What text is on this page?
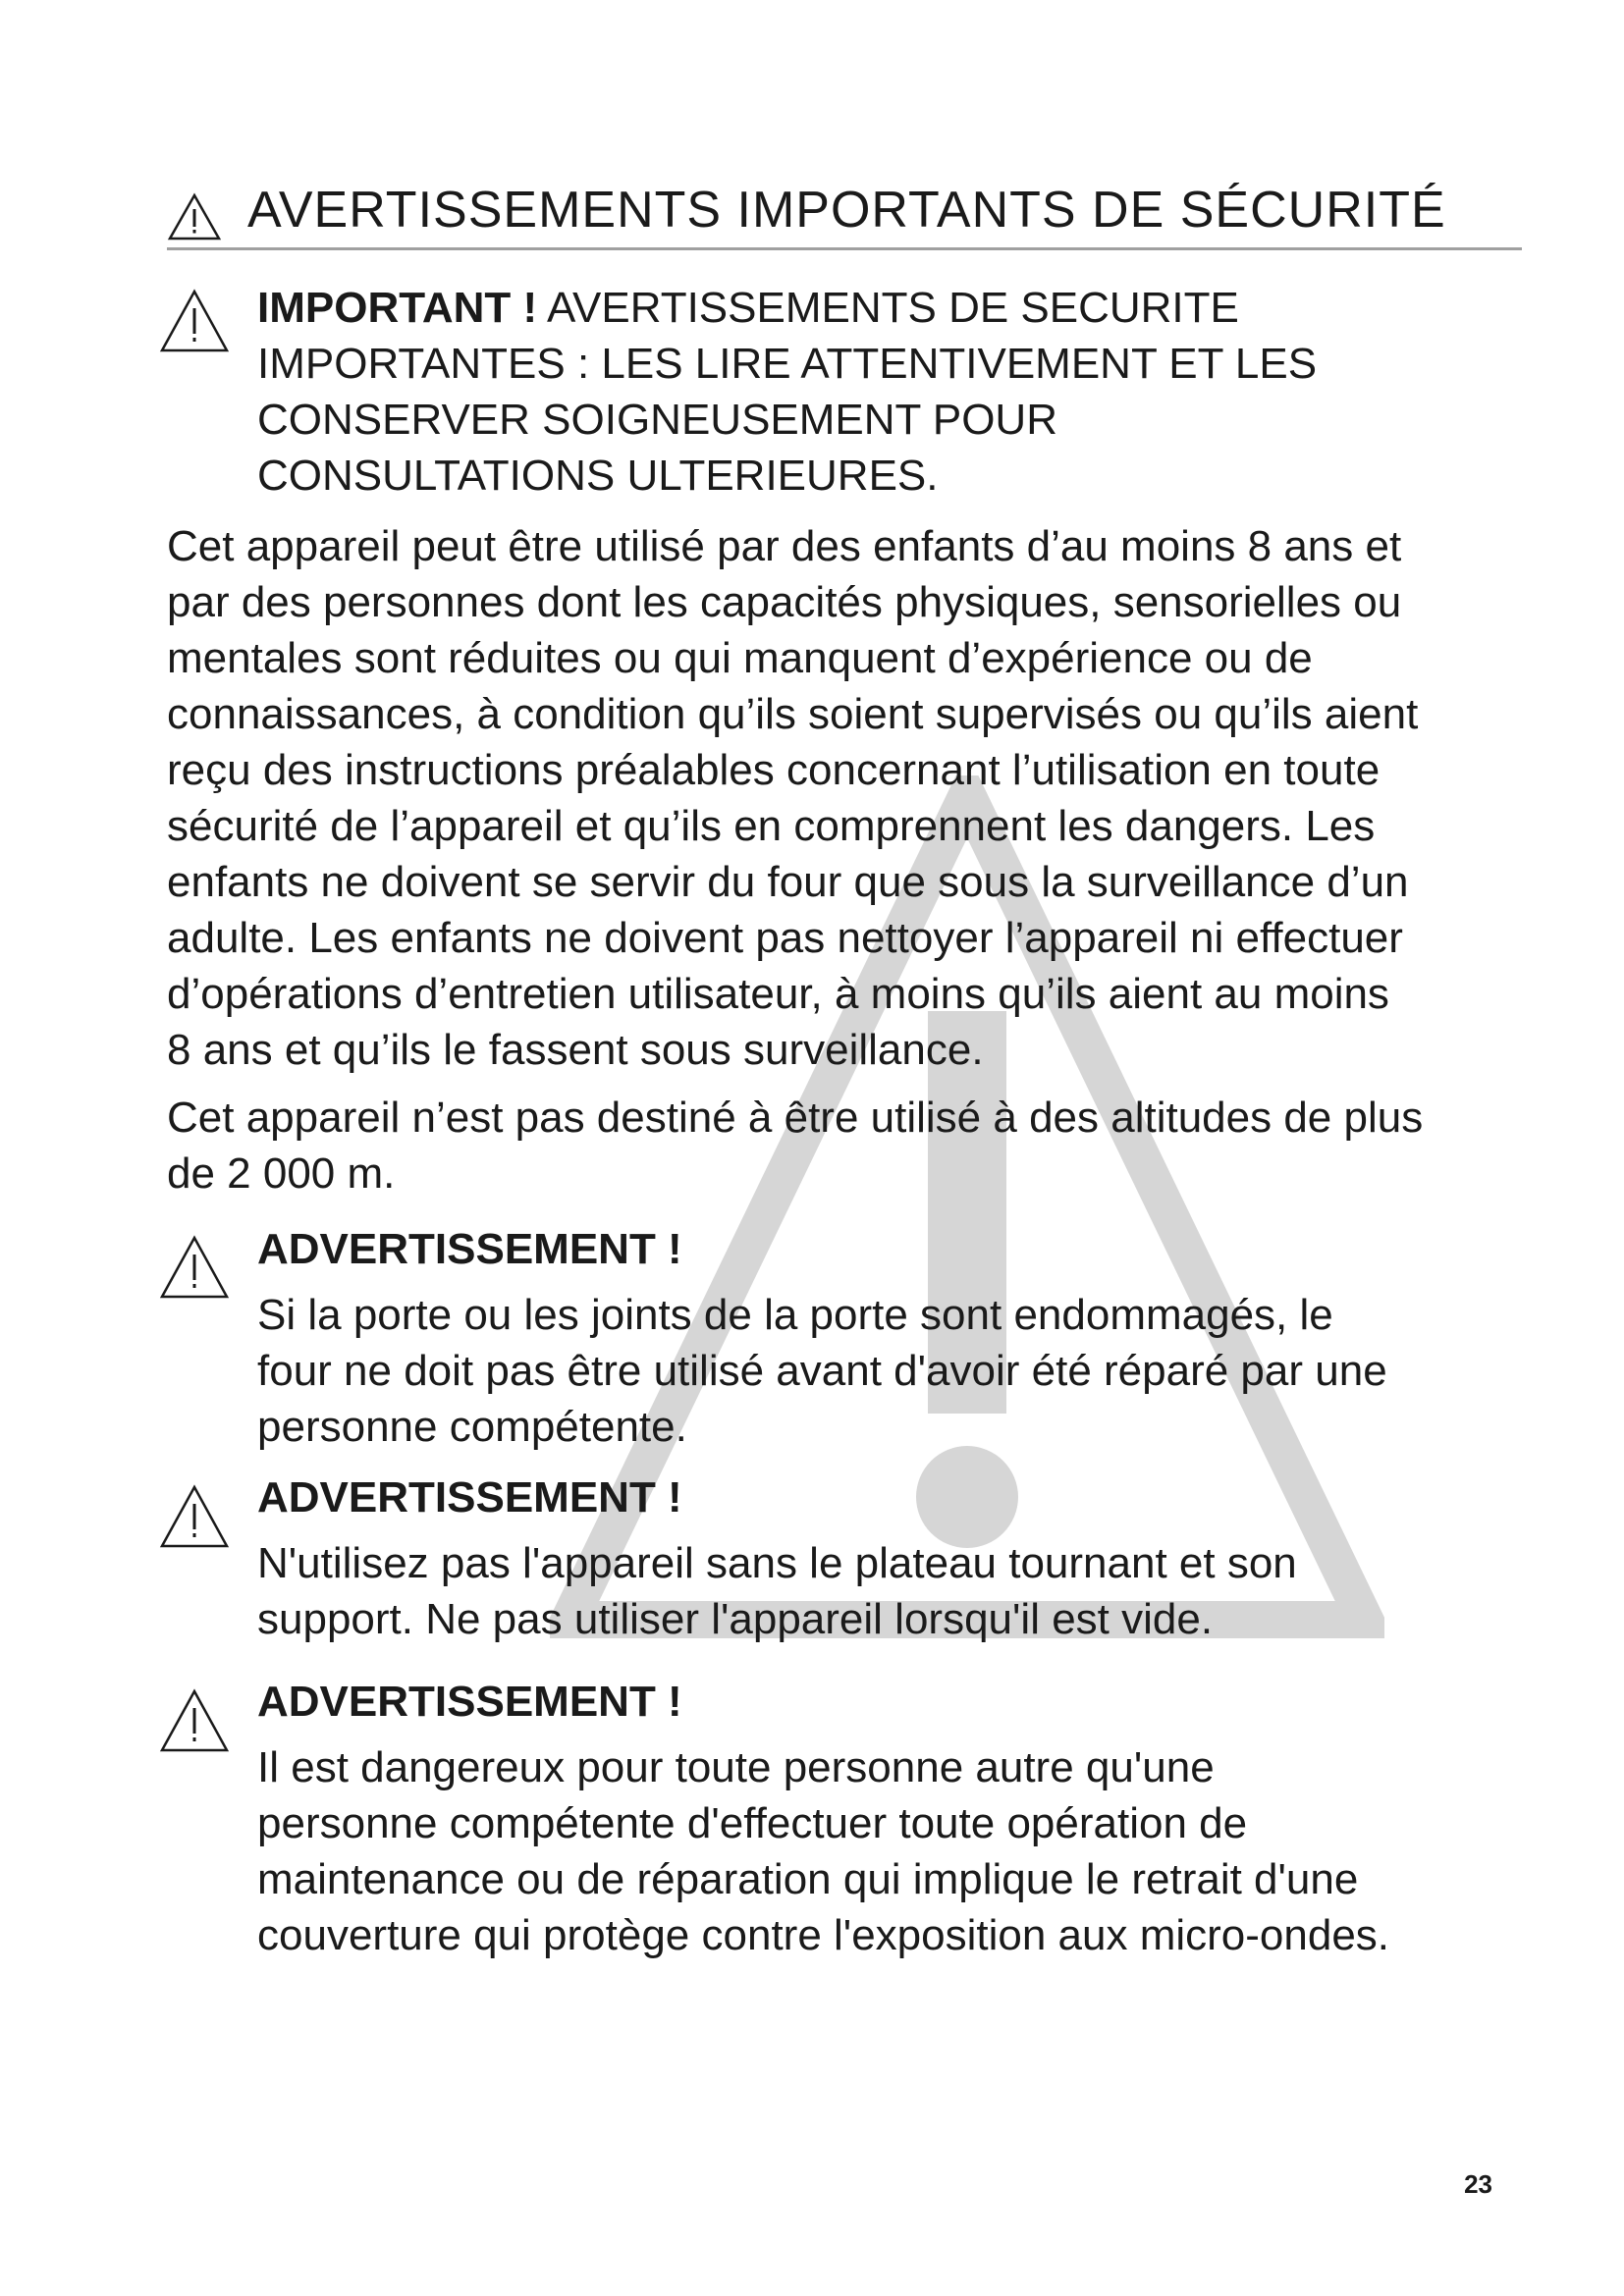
AVERTISSEMENTS IMPORTANTS DE SÉCURITÉ

IMPORTANT ! AVERTISSEMENTS DE SECURITE

IMPORTANTES : LES LIRE ATTENTIVEMENT ET LES

CONSERVER SOIGNEUSEMENT POUR

CONSULTATIONS ULTERIEURES.

Cet appareil peut être utilisé par des enfants d’au moins 8 ans et

par des personnes dont les capacités physiques, sensorielles ou

mentales sont réduites ou qui manquent d’expérience ou de

connaissances, à condition qu’ils soient supervisés ou qu’ils aient

reçu des instructions préalables concernant l’utilisation en toute

sécurité de l’appareil et qu’ils en comprennent les dangers. Les

enfants ne doivent se servir du four que sous la surveillance d’un

adulte. Les enfants ne doivent pas nettoyer l’appareil ni effectuer

d’opérations d’entretien utilisateur, à moins qu’ils aient au moins

8 ans et qu’ils le fassent sous surveillance.

Cet appareil n’est pas destiné à être utilisé à des altitudes de plus

de 2 000 m.

ADVERTISSEMENT !

Si la porte ou les joints de la porte sont endommagés, le

four ne doit pas être utilisé avant d'avoir été réparé par une

personne compétente.

ADVERTISSEMENT !

N'utilisez pas l'appareil sans le plateau tournant et son

support. Ne pas utiliser l'appareil lorsqu'il est vide.

ADVERTISSEMENT !

Il est dangereux pour toute personne autre qu'une

personne compétente d'effectuer toute opération de

maintenance ou de réparation qui implique le retrait d'une

couverture qui protège contre l'exposition aux micro-ondes.

23
